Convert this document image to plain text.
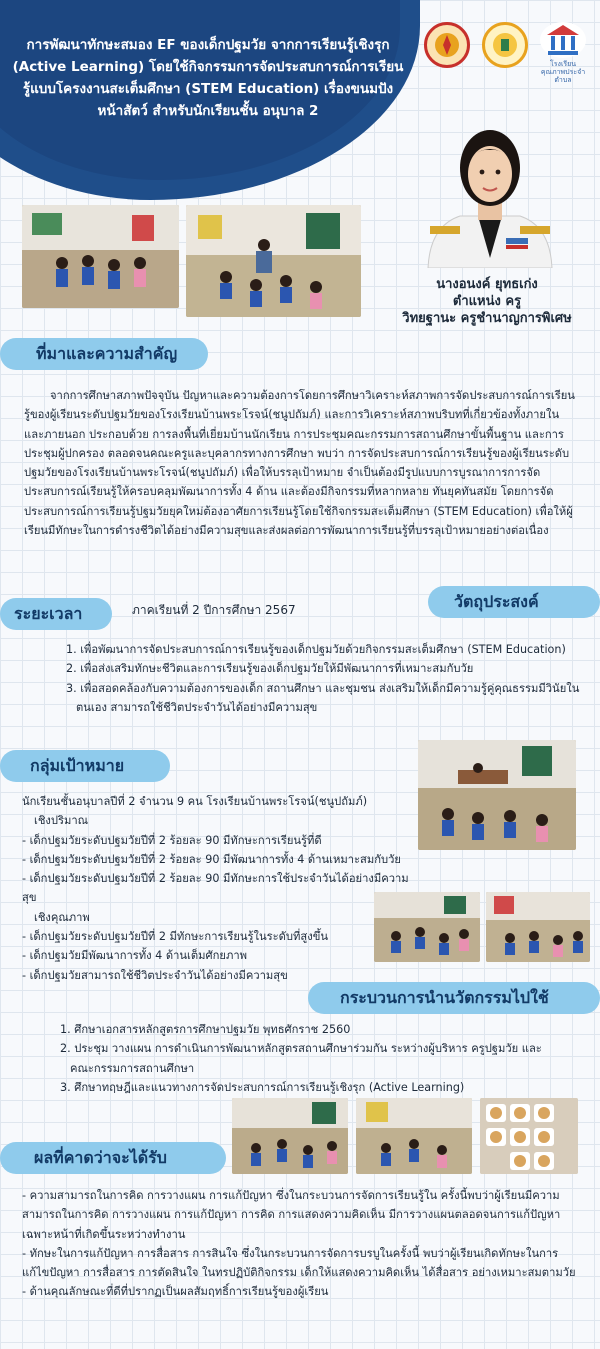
การพัฒนาทักษะสมอง EF ของเด็กปฐมวัย จากการเรียนรู้เชิงรุก (Active Learning) โดยใช้กิจกรรมการจัดประสบการณ์การเรียนรู้แบบโครงงานสะเต็มศึกษา (STEM Education) เรื่องขนมปังหน้าสัตว์ สำหรับนักเรียนชั้น อนุบาล 2
โรงเรียนคุณภาพประจำตำบล
นางอนงค์ ยุทธเก่ง
ตำแหน่ง ครู
วิทยฐานะ ครูชำนาญการพิเศษ
ที่มาและความสำคัญ
จากการศึกษาสภาพปัจจุบัน ปัญหาและความต้องการโดยการศึกษาวิเคราะห์สภาพการจัดประสบการณ์การเรียนรู้ของผู้เรียนระดับปฐมวัยของโรงเรียนบ้านพระโรจน์(ชนูปถัมภ์) และการวิเคราะห์สภาพบริบทที่เกี่ยวข้องทั้งภายในและภายนอก ประกอบด้วย การลงพื้นที่เยี่ยมบ้านนักเรียน การประชุมคณะกรรมการสถานศึกษาขั้นพื้นฐาน และการประชุมผู้ปกครอง ตลอดจนคณะครูและบุคลากรทางการศึกษา พบว่า การจัดประสบการณ์การเรียนรู้ของผู้เรียนระดับปฐมวัยของโรงเรียนบ้านพระโรจน์(ชนูปถัมภ์) เพื่อให้บรรลุเป้าหมาย จำเป็นต้องมีรูปแบบการบูรณาการการจัดประสบการณ์เรียนรู้ให้ครอบคลุมพัฒนาการทั้ง 4 ด้าน และต้องมีกิจกรรมที่หลากหลาย ทันยุคทันสมัย โดยการจัดประสบการณ์การเรียนรู้ปฐมวัยยุคใหม่ต้องอาศัยการเรียนรู้โดยใช้กิจกรรมสะเต็มศึกษา (STEM Education) เพื่อให้ผู้เรียนมีทักษะในการดำรงชีวิตได้อย่างมีความสุขและส่งผลต่อการพัฒนาการเรียนรู้ที่บรรลุเป้าหมายอย่างต่อเนื่อง
ระยะเวลา	ภาคเรียนที่ 2 ปีการศึกษา 2567	วัตถุประสงค์
1. เพื่อพัฒนาการจัดประสบการณ์การเรียนรู้ของเด็กปฐมวัยด้วยกิจกรรมสะเต็มศึกษา (STEM Education)
2. เพื่อส่งเสริมทักษะชีวิตและการเรียนรู้ของเด็กปฐมวัยให้มีพัฒนาการที่เหมาะสมกับวัย
3. เพื่อสอดคล้องกับความต้องการของเด็ก สถานศึกษา และชุมชน ส่งเสริมให้เด็กมีความรู้คู่คุณธรรมมีวินัยในตนเอง สามารถใช้ชีวิตประจำวันได้อย่างมีความสุข
กลุ่มเป้าหมาย
นักเรียนชั้นอนุบาลปีที่ 2 จำนวน 9 คน โรงเรียนบ้านพระโรจน์(ชนูปถัมภ์)
เชิงปริมาณ
- เด็กปฐมวัยระดับปฐมวัยปีที่ 2 ร้อยละ 90 มีทักษะการเรียนรู้ที่ดี
- เด็กปฐมวัยระดับปฐมวัยปีที่ 2 ร้อยละ 90 มีพัฒนาการทั้ง 4 ด้านเหมาะสมกับวัย
- เด็กปฐมวัยระดับปฐมวัยปีที่ 2 ร้อยละ 90 มีทักษะการใช้ประจำวันได้อย่างมีความสุข
เชิงคุณภาพ
- เด็กปฐมวัยระดับปฐมวัยปีที่ 2 มีทักษะการเรียนรู้ในระดับที่สูงขึ้น
- เด็กปฐมวัยมีพัฒนาการทั้ง 4 ด้านเต็มศักยภาพ
- เด็กปฐมวัยสามารถใช้ชีวิตประจำวันได้อย่างมีความสุข
กระบวนการนำนวัตกรรมไปใช้
1. ศึกษาเอกสารหลักสูตรการศึกษาปฐมวัย พุทธศักราช 2560
2. ประชุม วางแผน การดำเนินการพัฒนาหลักสูตรสถานศึกษาร่วมกัน ระหว่างผู้บริหาร ครูปฐมวัย และคณะกรรมการสถานศึกษา
3. ศึกษาทฤษฎีและแนวทางการจัดประสบการณ์การเรียนรู้เชิงรุก (Active Learning)
ผลที่คาดว่าจะได้รับ
- ความสามารถในการคิด การวางแผน การแก้ปัญหา ซึ่งในกระบวนการจัดการเรียนรู้ใน ครั้งนี้พบว่าผู้เรียนมีความสามารถในการคิด การวางแผน การแก้ปัญหา การคิด การแสดงความคิดเห็น มีการวางแผนตลอดจนการแก้ปัญหาเฉพาะหน้าที่เกิดขึ้นระหว่างทำงาน
- ทักษะในการแก้ปัญหา การสื่อสาร การสินใจ ซึ่งในกระบวนการจัดการบรบูในครั้งนี้ พบว่าผู้เรียนเกิดทักษะในการแก้ไขปัญหา การสื่อสาร การตัดสินใจ ในทรปฏิบัติกิจกรรม เด็กให้แสดงความคิดเห็น ได้สื่อสาร อย่างเหมาะสมตามวัย
- ด้านคุณลักษณะที่ดีที่ปรากฏเป็นผลสัมฤทธิ์การเรียนรู้ของผู้เรียน
